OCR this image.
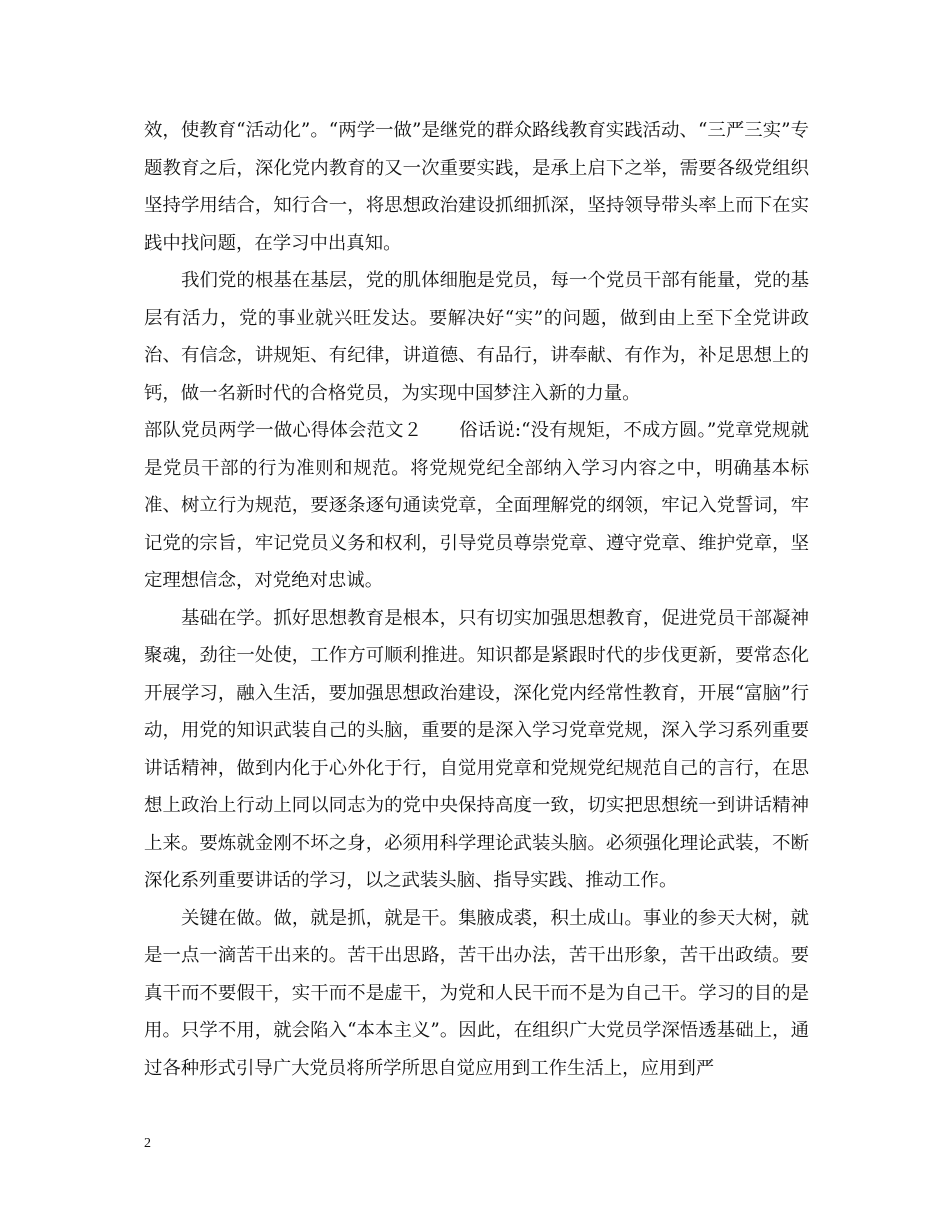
效，使教育“活动化”。“两学一做”是继党的群众路线教育实践活动、“三严三实”专题教育之后，深化党内教育的又一次重要实践，是承上启下之举，需要各级党组织坚持学用结合，知行合一，将思想政治建设抓细抓深，坚持领导带头率上而下在实践中找问题，在学习中出真知。

我们党的根基在基层，党的肌体细胞是党员，每一个党员干部有能量，党的基层有活力，党的事业就兴旺发达。要解决好“实”的问题，做到由上至下全党讲政治、有信念，讲规矩、有纪律，讲道德、有品行，讲奉献、有作为，补足思想上的钙，做一名新时代的合格党员，为实现中国梦注入新的力量。

部队党员两学一做心得体会范文２　　俗话说:“没有规矩，不成方圆。”党章党规就是党员干部的行为准则和规范。将党规党纪全部纳入学习内容之中，明确基本标准、树立行为规范，要逐条逐句通读党章，全面理解党的纲领，牢记入党誓词，牢记党的宗旨，牢记党员义务和权利，引导党员尊崇党章、遵守党章、维护党章，坚定理想信念，对党绝对忠诚。

基础在学。抓好思想教育是根本，只有切实加强思想教育，促进党员干部凝神聚魂，劲往一处使，工作方可顺利推进。知识都是紧跟时代的步伐更新，要常态化开展学习，融入生活，要加强思想政治建设，深化党内经常性教育，开展“富脑”行动，用党的知识武装自己的头脑，重要的是深入学习党章党规，深入学习系列重要讲话精神，做到内化于心外化于行，自觉用党章和党规党纪规范自己的言行，在思想上政治上行动上同以同志为的党中央保持高度一致，切实把思想统一到讲话精神上来。要炼就金刚不坏之身，必须用科学理论武装头脑。必须强化理论武装，不断深化系列重要讲话的学习，以之武装头脑、指导实践、推动工作。

关键在做。做，就是抓，就是干。集腋成裘，积土成山。事业的参天大树，就是一点一滴苦干出来的。苦干出思路，苦干出办法，苦干出形象，苦干出政绩。要真干而不要假干，实干而不是虚干，为党和人民干而不是为自己干。学习的目的是用。只学不用，就会陷入“本本主义”。因此，在组织广大党员学深悟透基础上，通过各种形式引导广大党员将所学所思自觉应用到工作生活上，应用到严

2
